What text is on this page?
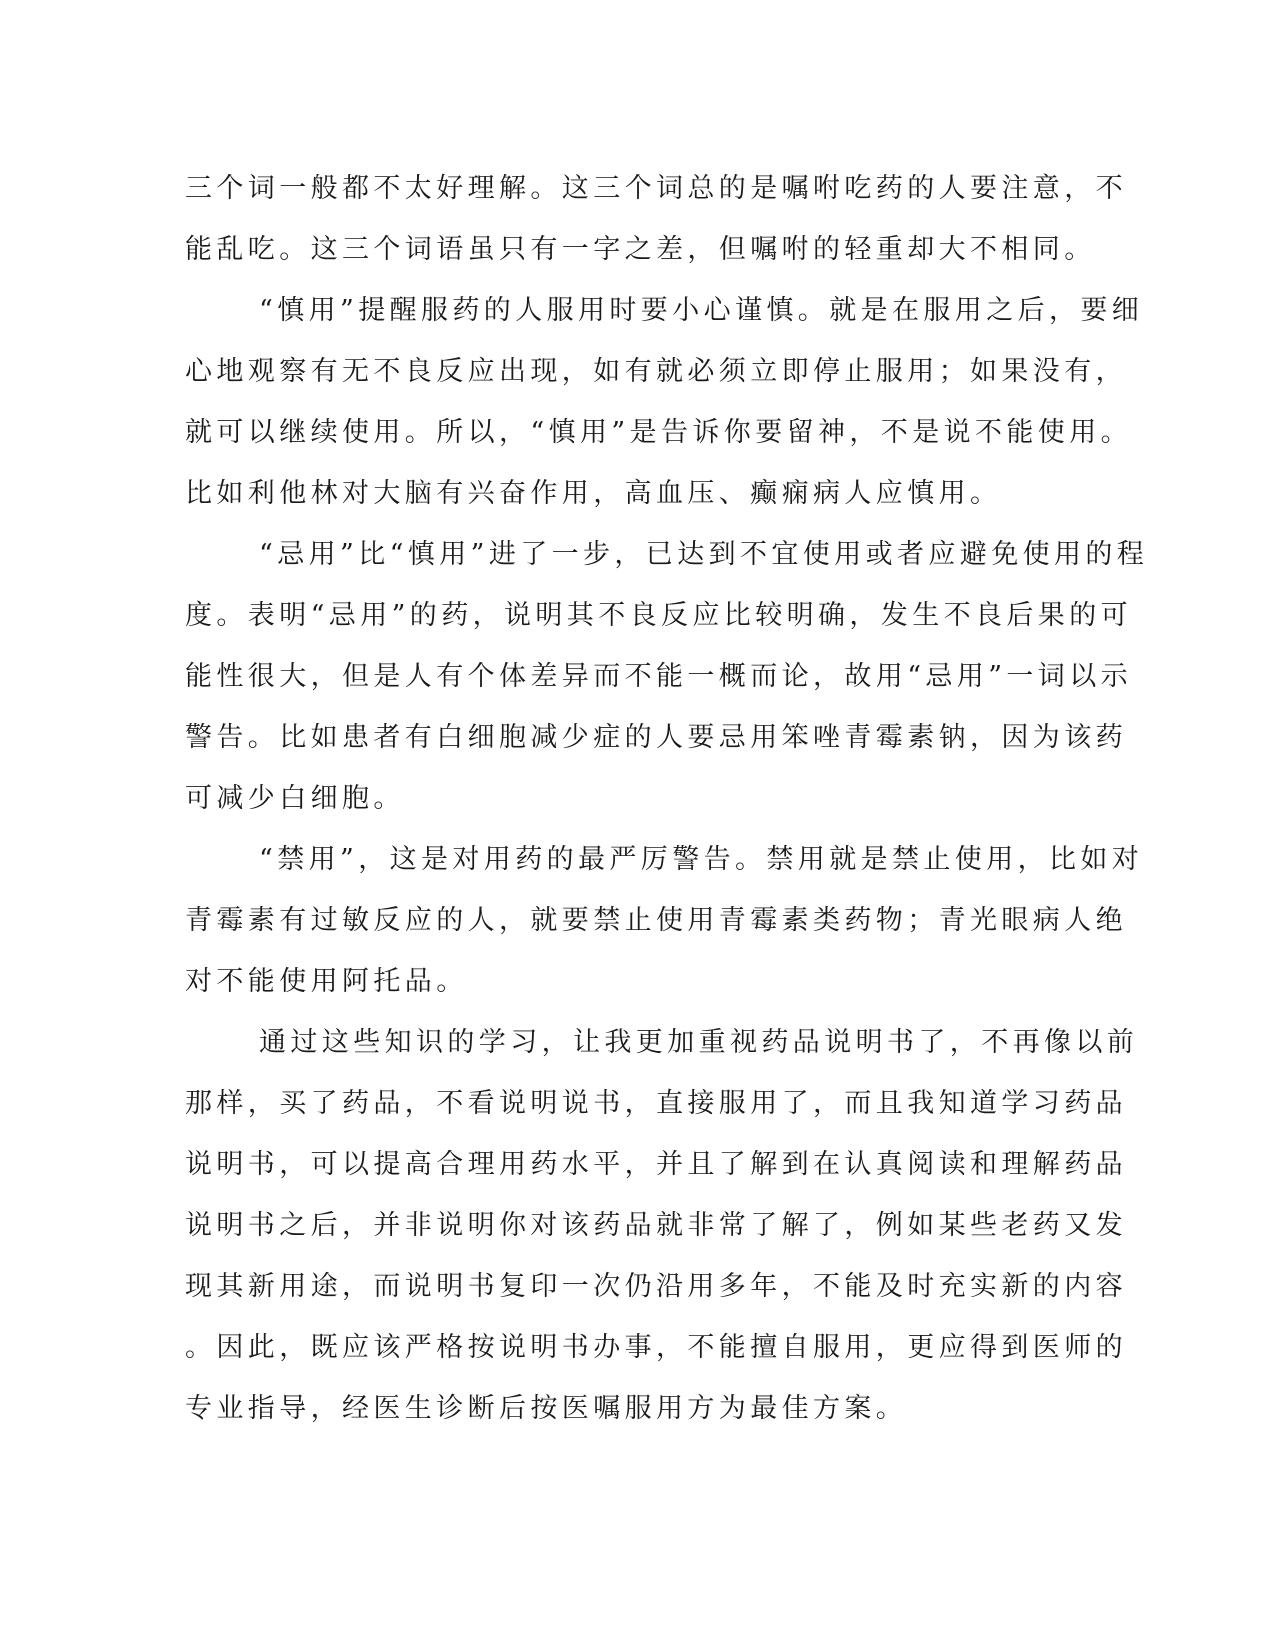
三个词一般都不太好理解。这三个词总的是嘱咐吃药的人要注意，不
能乱吃。这三个词语虽只有一字之差，但嘱咐的轻重却大不相同。
“慎用”提醒服药的人服用时要小心谨慎。就是在服用之后，要细
心地观察有无不良反应出现，如有就必须立即停止服用；如果没有，
就可以继续使用。所以，“慎用”是告诉你要留神，不是说不能使用。
比如利他林对大脑有兴奋作用，高血压、癫痫病人应慎用。
“忌用”比“慎用”进了一步，已达到不宜使用或者应避免使用的程
度。表明“忌用”的药，说明其不良反应比较明确，发生不良后果的可
能性很大，但是人有个体差异而不能一概而论，故用“忌用”一词以示
警告。比如患者有白细胞减少症的人要忌用笨唑青霉素钠，因为该药
可减少白细胞。
“禁用”，这是对用药的最严厉警告。禁用就是禁止使用，比如对
青霉素有过敏反应的人，就要禁止使用青霉素类药物；青光眼病人绝
对不能使用阿托品。
通过这些知识的学习，让我更加重视药品说明书了，不再像以前
那样，买了药品，不看说明说书，直接服用了，而且我知道学习药品
说明书，可以提高合理用药水平，并且了解到在认真阅读和理解药品
说明书之后，并非说明你对该药品就非常了解了，例如某些老药又发
现其新用途，而说明书复印一次仍沿用多年，不能及时充实新的内容
。因此，既应该严格按说明书办事，不能擅自服用，更应得到医师的
专业指导，经医生诊断后按医嘱服用方为最佳方案。
